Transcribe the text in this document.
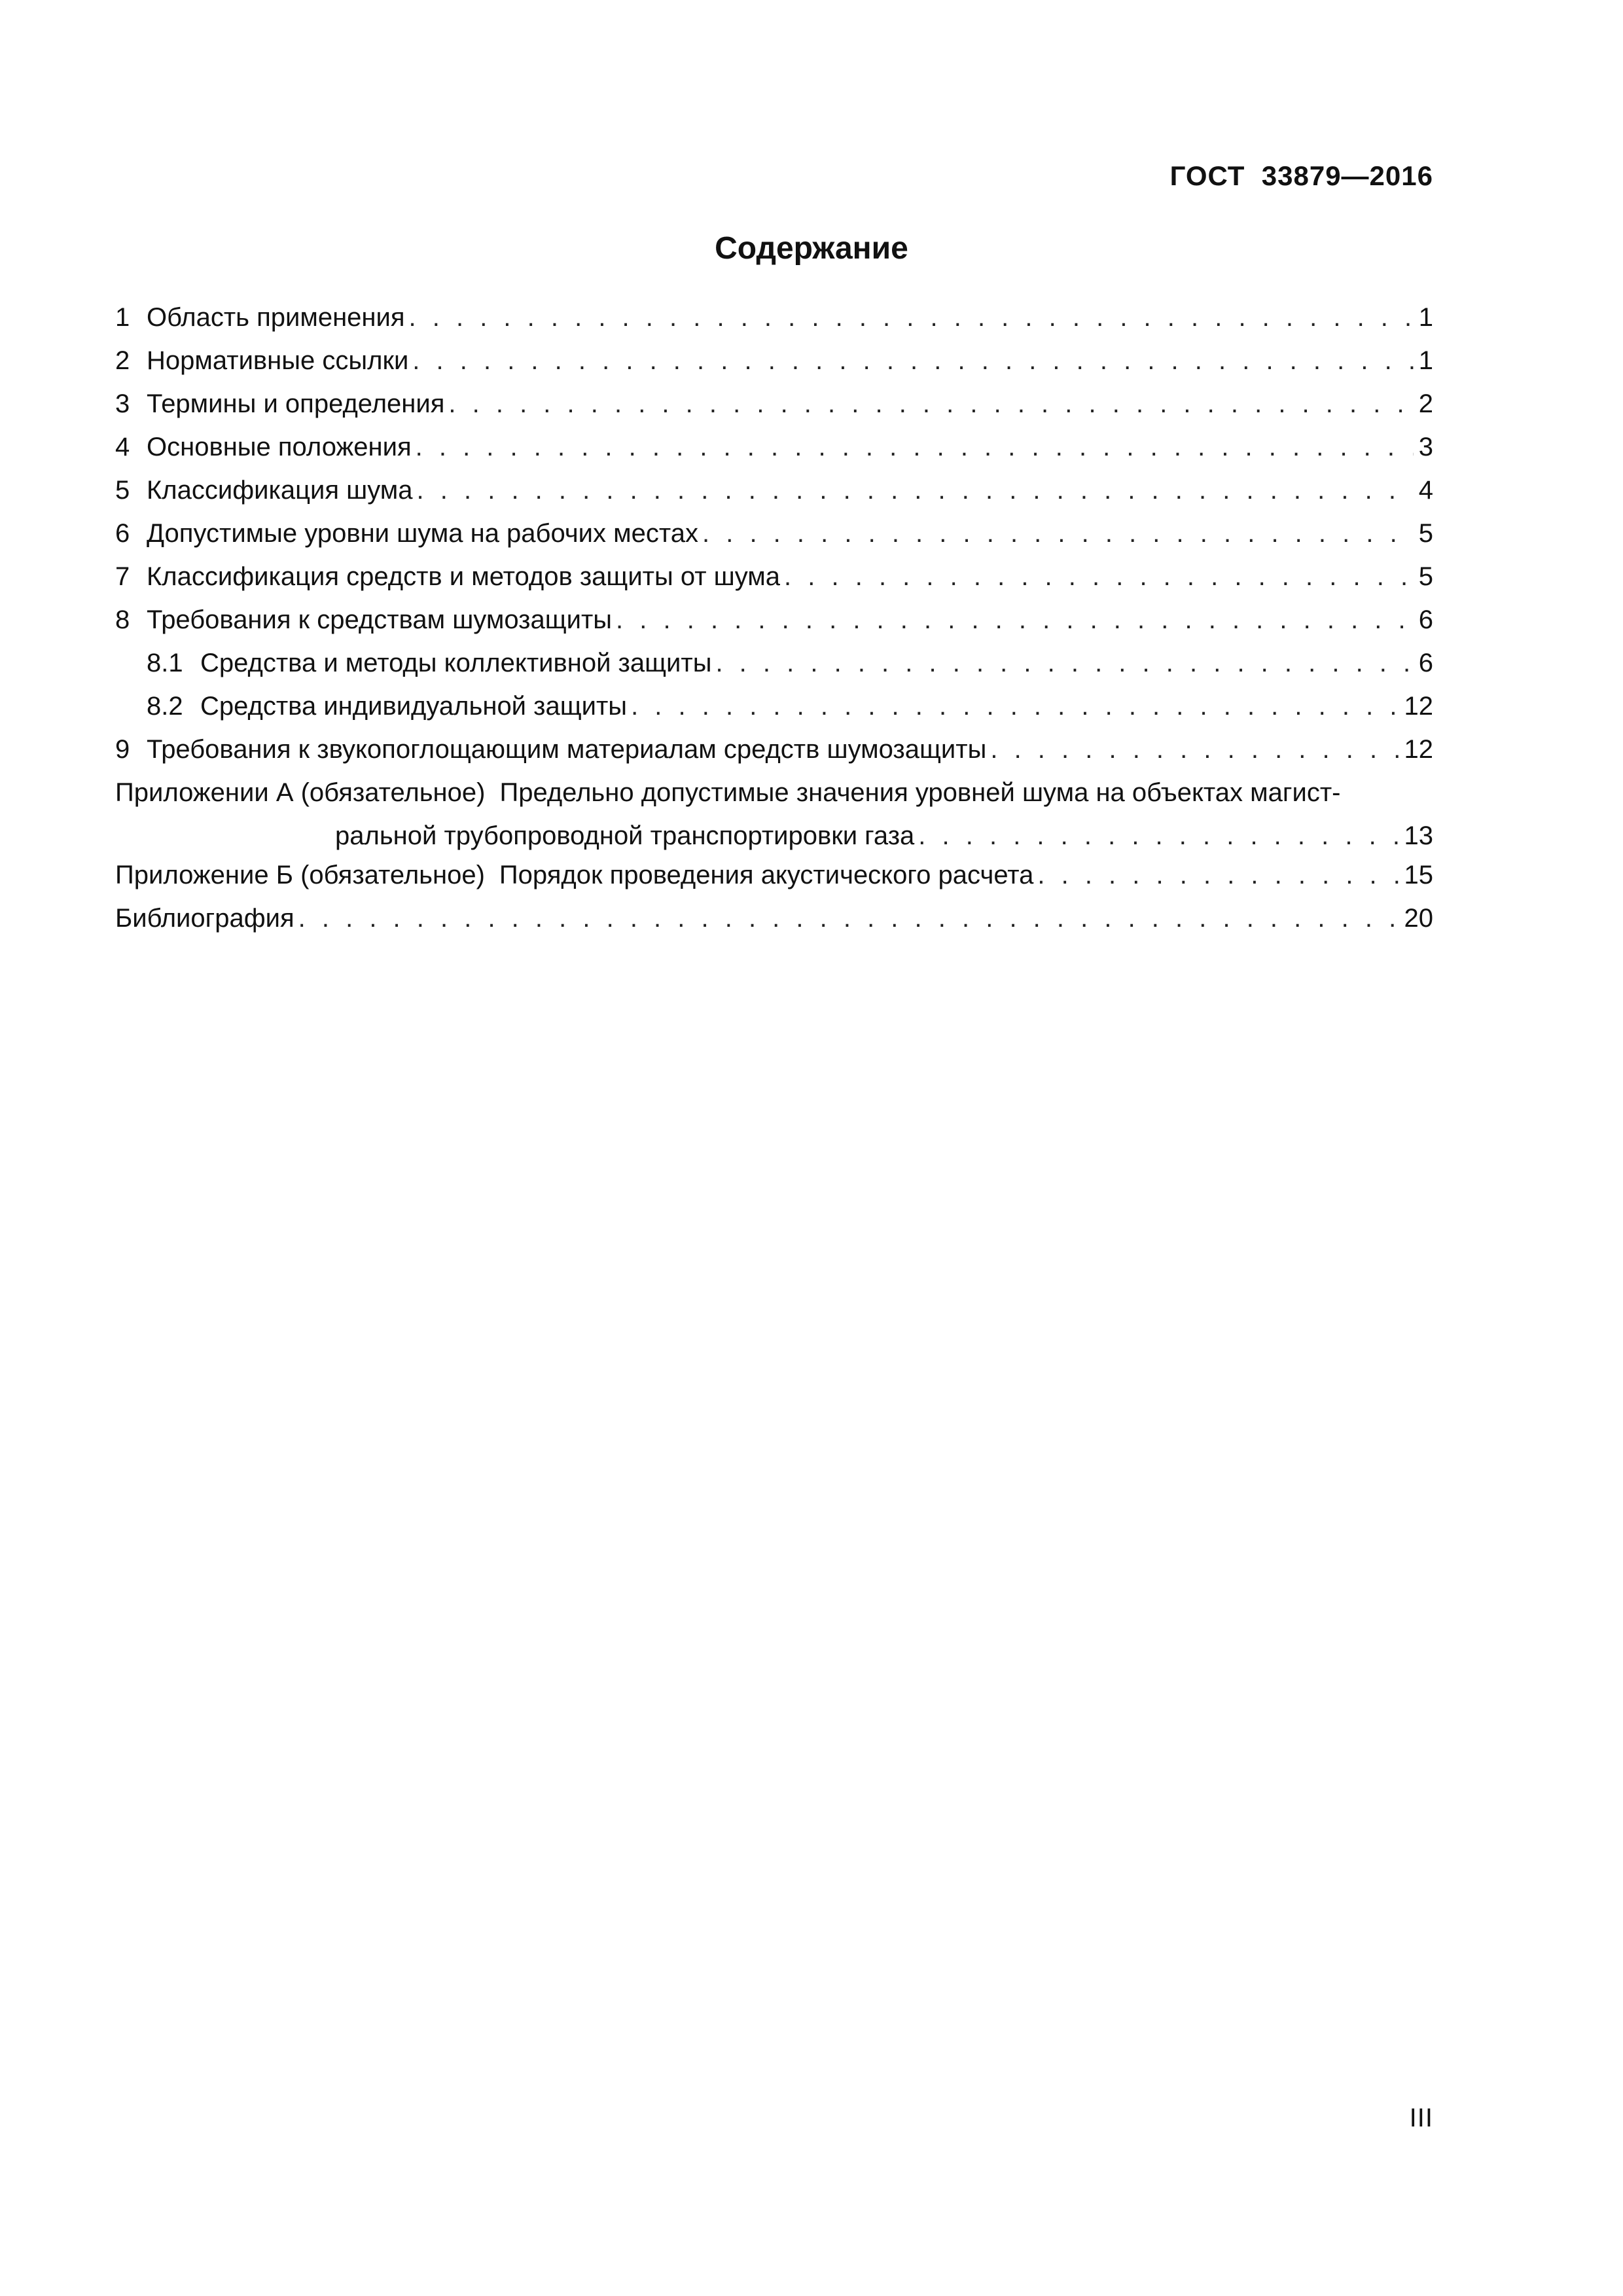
ГОСТ  33879—2016
Содержание
1 Область применения . . .	1
2 Нормативные ссылки . . .	1
3 Термины и определения . . .	2
4 Основные положения . . .	3
5 Классификация шума . . .	4
6 Допустимые уровни шума на рабочих местах . . .	5
7 Классификация средств и методов защиты от шума . . .	5
8 Требования к средствам шумозащиты . . .	6
8.1 Средства и методы коллективной защиты . . .	6
8.2 Средства индивидуальной защиты . . .	12
9 Требования к звукопоглощающим материалам средств шумозащиты . . .	12
Приложении А (обязательное) Предельно допустимые значения уровней шума на объектах магист-
ральной трубопроводной транспортировки газа . . .	13
Приложение Б (обязательное) Порядок проведения акустического расчета . . .	15
Библиография . . .	20
III
